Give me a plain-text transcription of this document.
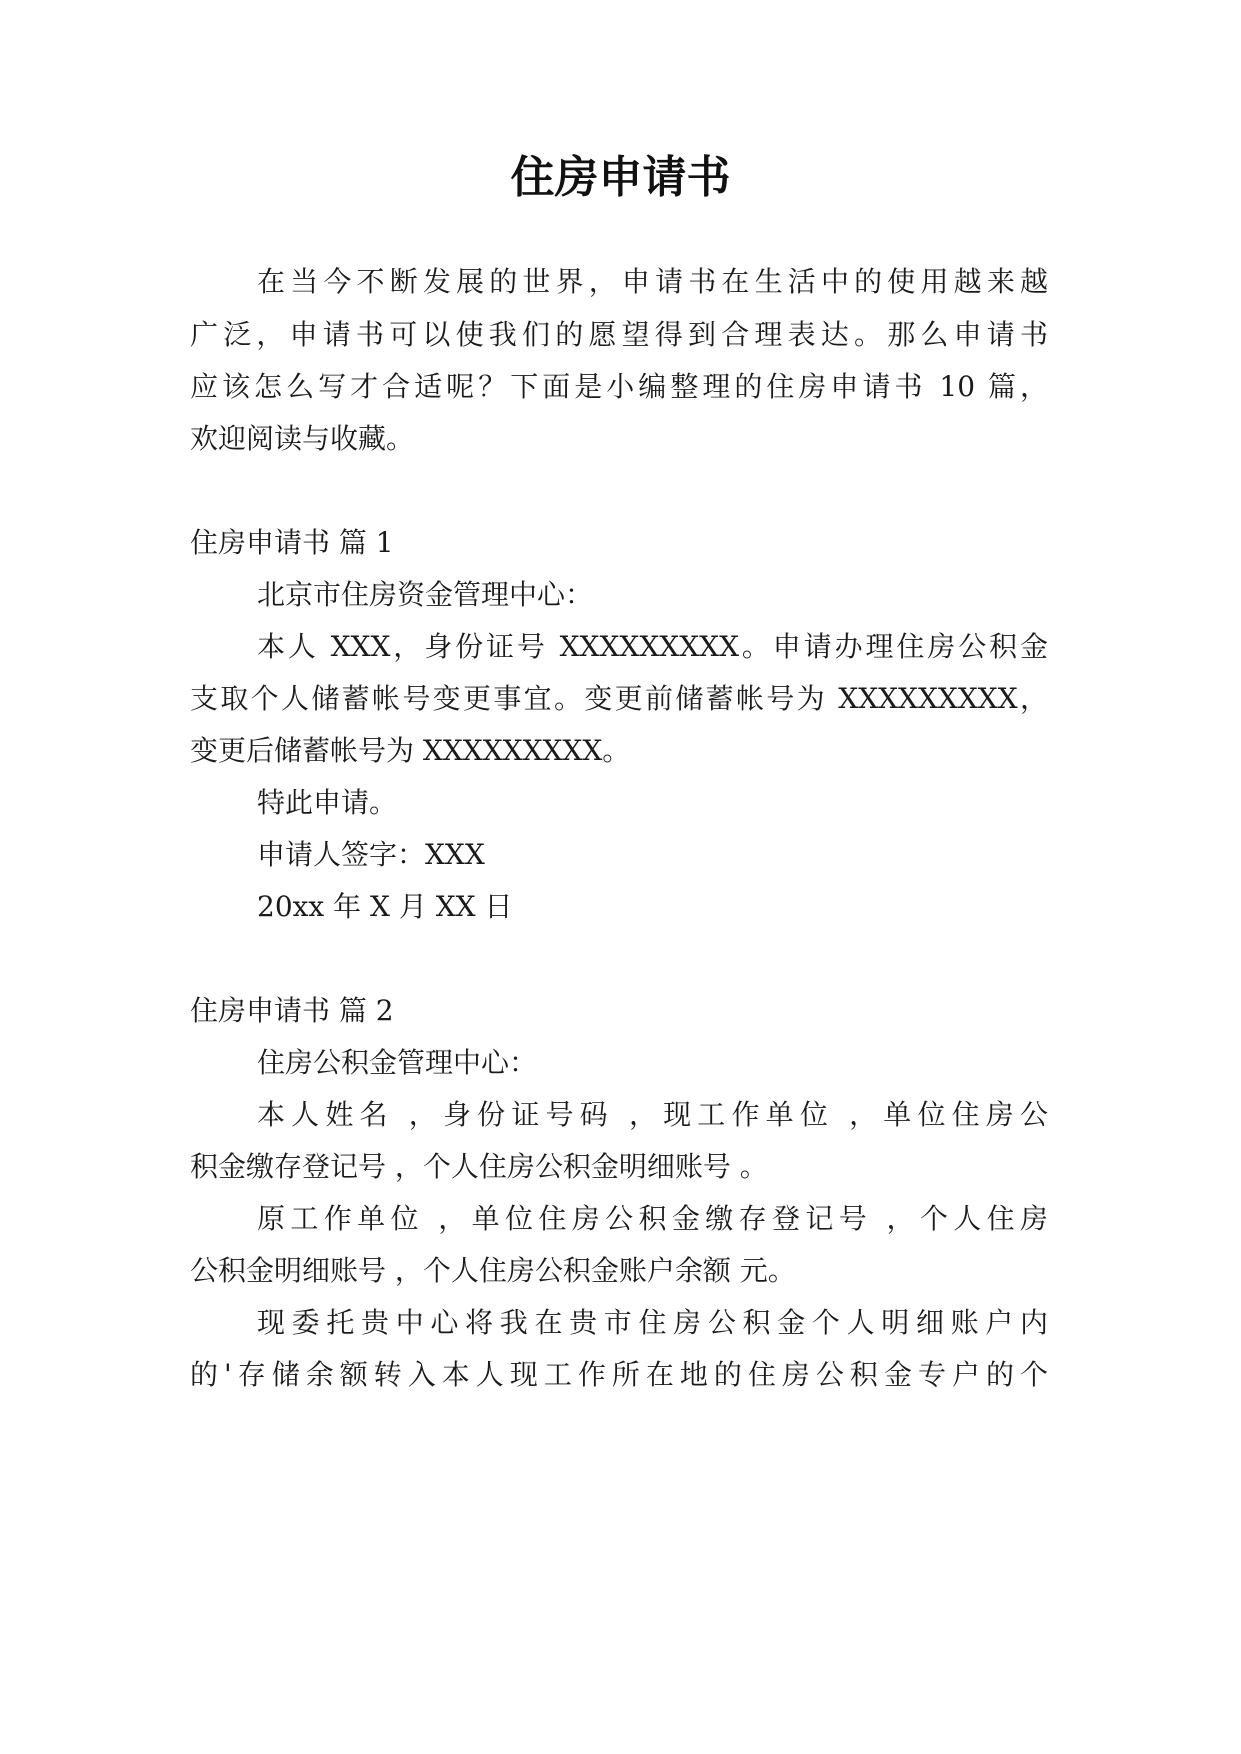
住房申请书
在当今不断发展的世界，申请书在生活中的使用越来越
广泛，申请书可以使我们的愿望得到合理表达。那么申请书
应该怎么写才合适呢？下面是小编整理的住房申请书 10 篇，
欢迎阅读与收藏。
住房申请书 篇 1
北京市住房资金管理中心：
本人 XXX，身份证号 XXXXXXXXX。申请办理住房公积金
支取个人储蓄帐号变更事宜。变更前储蓄帐号为 XXXXXXXXX，
变更后储蓄帐号为 XXXXXXXXX。
特此申请。
申请人签字：XXX
20xx 年 X 月 XX 日
住房申请书 篇 2
住房公积金管理中心：
本人姓名 ，身份证号码 ，现工作单位 ，单位住房公
积金缴存登记号 ，个人住房公积金明细账号 。
原工作单位 ，单位住房公积金缴存登记号 ，个人住房
公积金明细账号 ，个人住房公积金账户余额 元。
现委托贵中心将我在贵市住房公积金个人明细账户内
的'存储余额转入本人现工作所在地的住房公积金专户的个
